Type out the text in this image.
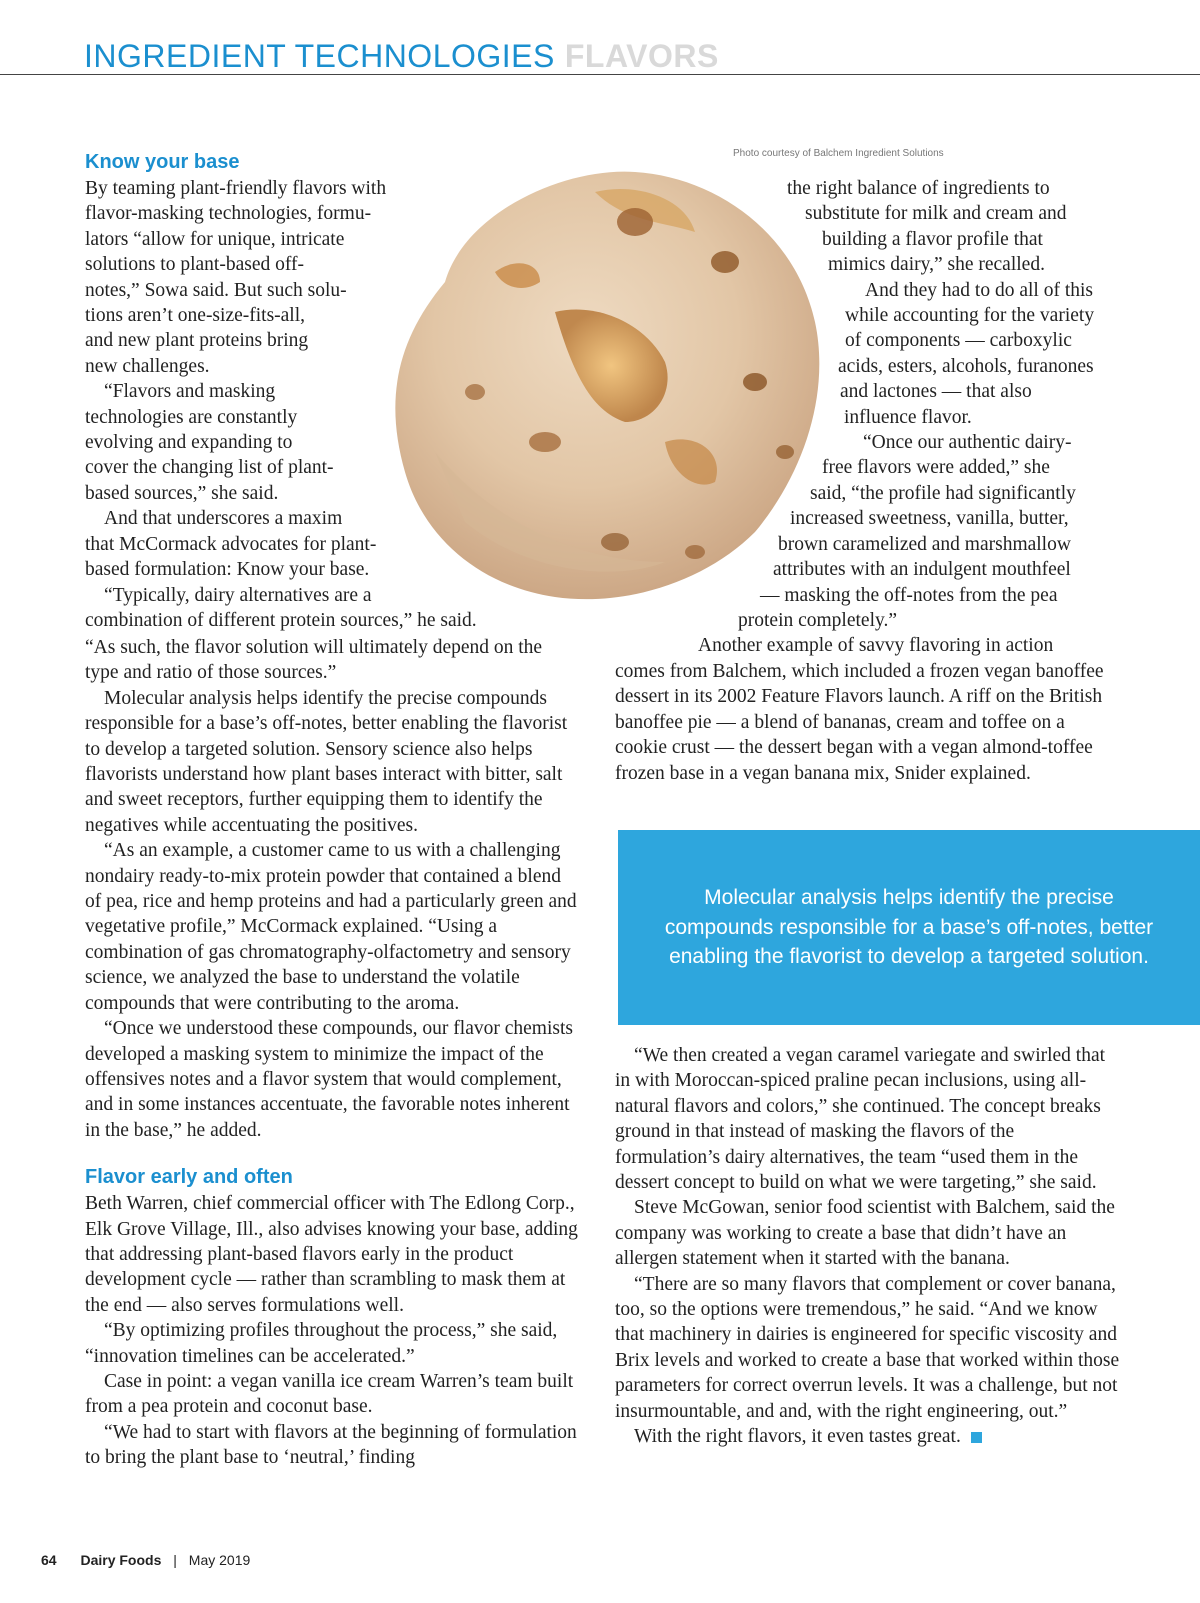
INGREDIENT TECHNOLOGIES FLAVORS
Photo courtesy of Balchem Ingredient Solutions
Know your base
By teaming plant-friendly flavors with
flavor-masking technologies, formu-
lators “allow for unique, intricate
solutions to plant-based off-
notes,” Sowa said. But such solu-
tions aren’t one-size-fits-all,
and new plant proteins bring
new challenges.
“Flavors and masking
technologies are constantly
evolving and expanding to
cover the changing list of plant-
based sources,” she said.
And that underscores a maxim
that McCormack advocates for plant-
based formulation: Know your base.
“Typically, dairy alternatives are a
combination of different protein sources,” he said.

“As such, the flavor solution will ultimately depend on the type and ratio of those sources.”

Molecular analysis helps identify the precise compounds responsible for a base’s off-notes, better enabling the flavorist to develop a targeted solution. Sensory science also helps flavorists understand how plant bases interact with bitter, salt and sweet receptors, further equipping them to identify the negatives while accentuating the positives.

“As an example, a customer came to us with a challenging nondairy ready-to-mix protein powder that contained a blend of pea, rice and hemp proteins and had a particularly green and vegetative profile,” McCormack explained. “Using a combination of gas chromatography-olfactometry and sensory science, we analyzed the base to understand the volatile compounds that were contributing to the aroma.

“Once we understood these compounds, our flavor chemists developed a masking system to minimize the impact of the offensives notes and a flavor system that would complement, and in some instances accentuate, the favorable notes inherent in the base,” he added.

Flavor early and often

Beth Warren, chief commercial officer with The Edlong Corp., Elk Grove Village, Ill., also advises knowing your base, adding that addressing plant-based flavors early in the product development cycle — rather than scrambling to mask them at the end — also serves formulations well.

“By optimizing profiles throughout the process,” she said, “innovation timelines can be accelerated.”

Case in point: a vegan vanilla ice cream Warren’s team built from a pea protein and coconut base.

“We had to start with flavors at the beginning of formulation to bring the plant base to ‘neutral,’ finding

the right balance of ingredients to
substitute for milk and cream and
building a flavor profile that
mimics dairy,” she recalled.
And they had to do all of this
while accounting for the variety
of components — carboxylic
acids, esters, alcohols, furanones
and lactones — that also
influence flavor.
“Once our authentic dairy-
free flavors were added,” she
said, “the profile had significantly
increased sweetness, vanilla, butter,
brown caramelized and marshmallow
attributes with an indulgent mouthfeel
— masking the off-notes from the pea
protein completely.”
Another example of savvy flavoring in action

comes from Balchem, which included a frozen vegan banoffee dessert in its 2002 Feature Flavors launch. A riff on the British banoffee pie — a blend of bananas, cream and toffee on a cookie crust — the dessert began with a vegan almond-toffee frozen base in a vegan banana mix, Snider explained.

Molecular analysis helps identify the precise compounds responsible for a base’s off-notes, better enabling the flavorist to develop a targeted solution.

“We then created a vegan caramel variegate and swirled that in with Moroccan-spiced praline pecan inclusions, using all-natural flavors and colors,” she continued. The concept breaks ground in that instead of masking the flavors of the formulation’s dairy alternatives, the team “used them in the dessert concept to build on what we were targeting,” she said.

Steve McGowan, senior food scientist with Balchem, said the company was working to create a base that didn’t have an allergen statement when it started with the banana.

“There are so many flavors that complement or cover banana, too, so the options were tremendous,” he said. “And we know that machinery in dairies is engineered for specific viscosity and Brix levels and worked to create a base that worked within those parameters for correct overrun levels. It was a challenge, but not insurmountable, and and, with the right engineering, out.”

With the right flavors, it even tastes great.

64 Dairy Foods | May 2019
